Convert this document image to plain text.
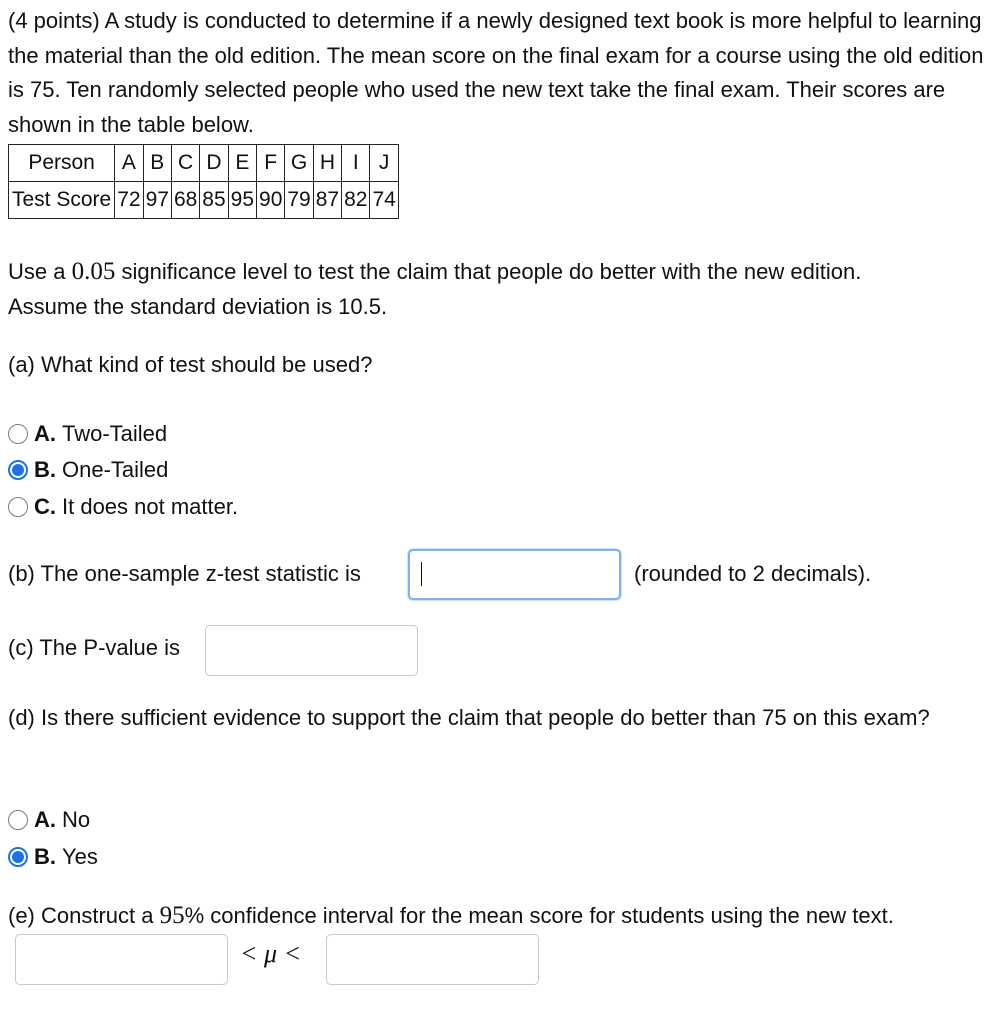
(4 points) A study is conducted to determine if a newly designed text book is more helpful to learning the material than the old edition. The mean score on the final exam for a course using the old edition is 75. Ten randomly selected people who used the new text take the final exam. Their scores are shown in the table below.
Person	A	B	C	D	E	F	G	H	I	J
Test Score	72	97	68	85	95	90	79	87	82	74
Use a 0.05 significance level to test the claim that people do better with the new edition.
Assume the standard deviation is 10.5.
(a) What kind of test should be used?
A. Two-Tailed
B. One-Tailed
C. It does not matter.
(b) The one-sample z-test statistic is	(rounded to 2 decimals).
(c) The P-value is
(d) Is there sufficient evidence to support the claim that people do better than 75 on this exam?
A. No
B. Yes
(e) Construct a 95% confidence interval for the mean score for students using the new text.
< μ <
